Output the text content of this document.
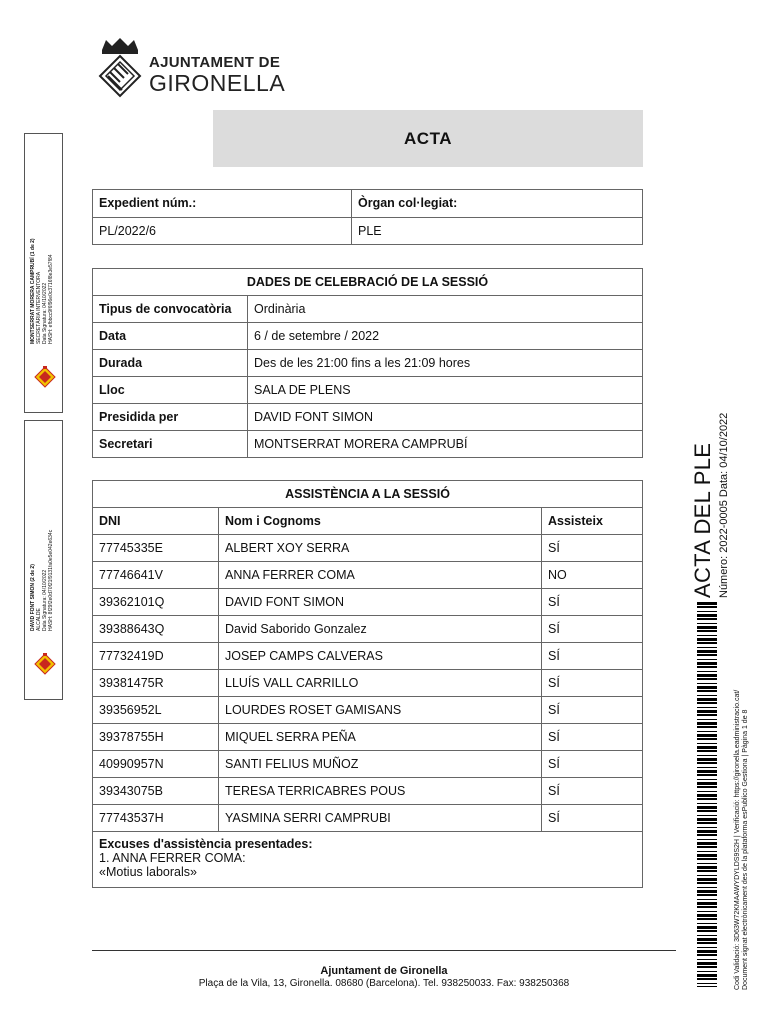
AJUNTAMENT DE
GIRONELLA
ACTA
Expedient núm.:	Òrgan col·legiat:
PL/2022/6	PLE
DADES DE CELEBRACIÓ DE LA SESSIÓ	
Tipus de convocatòria	Ordinària
Data	6 / de setembre / 2022
Durada	Des de les 21:00 fins a les 21:09 hores
Lloc	SALA DE PLENS
Presidida per	DAVID FONT SIMON
Secretari	MONTSERRAT MORERA CAMPRUBÍ
ASSISTÈNCIA A LA SESSIÓ		
DNI	Nom i Cognoms	Assisteix
77745335E	ALBERT XOY SERRA	SÍ
77746641V	ANNA FERRER COMA	NO
39362101Q	DAVID FONT SIMON	SÍ
39388643Q	David Saborido Gonzalez	SÍ
77732419D	JOSEP CAMPS CALVERAS	SÍ
39381475R	LLUÍS VALL CARRILLO	SÍ
39356952L	LOURDES ROSET GAMISANS	SÍ
39378755H	MIQUEL SERRA PEÑA	SÍ
40990957N	SANTI FELIUS MUÑOZ	SÍ
39343075B	TERESA TERRICABRES POUS	SÍ
77743537H	YASMINA SERRI CAMPRUBI	SÍ

Excuses d'assistència presentades:
1. ANNA FERRER COMA:
«Motius laborals»		
Ajuntament de Gironella
Plaça de la Vila, 13, Gironella. 08680 (Barcelona). Tel. 938250033. Fax: 938250368
MONTSERRAT MORERA CAMPRUBÍ (1 de 2) SECRETÀRIA INTERVENTORA Data Signatura: 04/10/2022 HASH: efbbcc9f6f96e0c3716f8e3e57f84
DAVID FONT SIMON (2 de 2) ALCALDE Data Signatura: 04/10/2022 HASH: 8f29f2e0d70f21f9131fa0e5e042e634c	ACTA DEL PLE Número: 2022-0005 Data: 04/10/2022
Codi Validació: 3D63W72KMAAWYDYLDS9S2H | Verificació: https://gironella.eadministracio.cat/ Document signat electrònicament des de la plataforma esPublico Gestiona | Pàgina 1 de 8
